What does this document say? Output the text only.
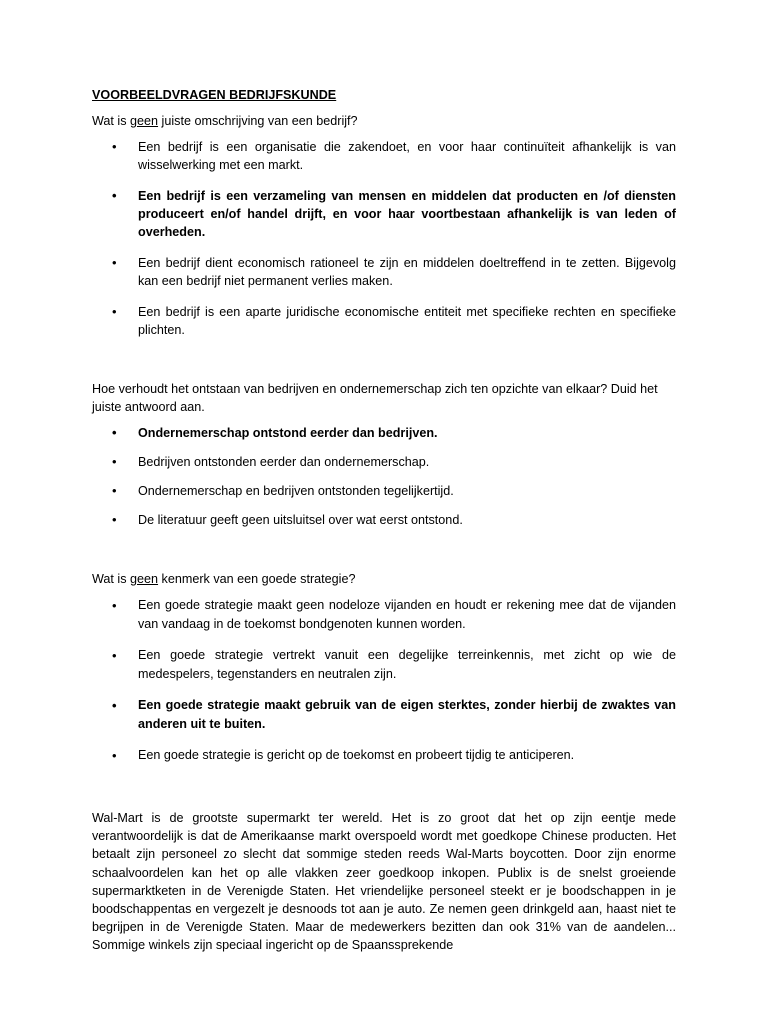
VOORBEELDVRAGEN BEDRIJFSKUNDE

Wat is geen juiste omschrijving van een bedrijf?

• Een bedrijf is een organisatie die zakendoet, en voor haar continuïteit afhankelijk is van wisselwerking met een markt.
• Een bedrijf is een verzameling van mensen en middelen dat producten en /of diensten produceert en/of handel drijft, en voor haar voortbestaan afhankelijk is van leden of overheden.
• Een bedrijf dient economisch rationeel te zijn en middelen doeltreffend in te zetten. Bijgevolg kan een bedrijf niet permanent verlies maken.
• Een bedrijf is een aparte juridische economische entiteit met specifieke rechten en specifieke plichten.

Hoe verhoudt het ontstaan van bedrijven en ondernemerschap zich ten opzichte van elkaar? Duid het juiste antwoord aan.

• Ondernemerschap ontstond eerder dan bedrijven.
• Bedrijven ontstonden eerder dan ondernemerschap.
• Ondernemerschap en bedrijven ontstonden tegelijkertijd.
• De literatuur geeft geen uitsluitsel over wat eerst ontstond.

Wat is geen kenmerk van een goede strategie?

• Een goede strategie maakt geen nodeloze vijanden en houdt er rekening mee dat de vijanden van vandaag in de toekomst bondgenoten kunnen worden.
• Een goede strategie vertrekt vanuit een degelijke terreinkennis, met zicht op wie de medespelers, tegenstanders en neutralen zijn.
• Een goede strategie maakt gebruik van de eigen sterktes, zonder hierbij de zwaktes van anderen uit te buiten.
• Een goede strategie is gericht op de toekomst en probeert tijdig te anticiperen.

Wal-Mart is de grootste supermarkt ter wereld. Het is zo groot dat het op zijn eentje mede verantwoordelijk is dat de Amerikaanse markt overspoeld wordt met goedkope Chinese producten. Het betaalt zijn personeel zo slecht dat sommige steden reeds Wal-Marts boycotten. Door zijn enorme schaalvoordelen kan het op alle vlakken zeer goedkoop inkopen. Publix is de snelst groeiende supermarktketen in de Verenigde Staten. Het vriendelijke personeel steekt er je boodschappen in je boodschappentas en vergezelt je desnoods tot aan je auto. Ze nemen geen drinkgeld aan, haast niet te begrijpen in de Verenigde Staten. Maar de medewerkers bezitten dan ook 31% van de aandelen... Sommige winkels zijn speciaal ingericht op de Spaanssprekende
